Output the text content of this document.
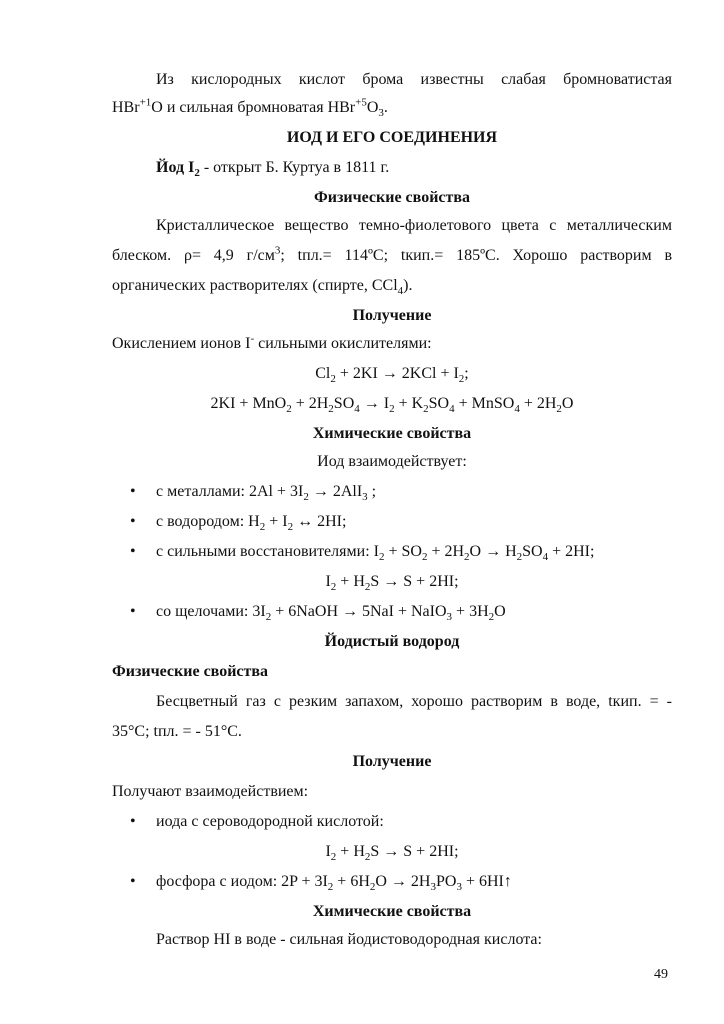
Из кислородных кислот брома известны слабая бромноватистая
HBr$^{+1}$O и сильная бромноватая $HBr^{+5}O_3$.
ИОД И ЕГО СОЕДИНЕНИЯ
Йод $I_2$ - открыт Б. Куртуа в 1811 г.
Физические свойства
Кристаллическое вещество темно-фиолетового цвета с металлическим
блеском. ρ= 4,9 $г/см^3$; tпл.= 114ºС; tкип.= 185ºС. Хорошо растворим в
органических растворителях (спирте, CCl$_4$).
Получение
Окислением ионов I- сильными окислителями:
$Cl_2 + 2KI \to 2KCl + I_2$;
$2KI + MnO_2 + 2H_2SO_4 \to I_2 + K_2SO_4$ + MnSO$_4$ + $2H_2O$
Химические свойства
Иод взаимодействует:
• с металлами: $2Al + 3I_2 \to 2AlI_3$ ;
• с водородом: $H_2 + I_2$ ↔ 2HI;
• с сильными восстановителями: $I_2 + SO_2 + 2H_2O \to H_2SO_4 + 2HI$;
$I_2 + H_2S \to S + 2HI$;
• со щелочами: $3I_2$ + 6NaOH → 5NaI + NaIO$_3$ + $3H_2O$
Йодистый водород
Физические свойства
Бесцветный газ с резким запахом, хорошо растворим в воде, tкип. = -
35°С; tпл. = - 51°С.
Получение
Получают взаимодействием:
• иода с сероводородной кислотой:
$I_2 + H_2S \to S + 2HI$;
• фосфора с иодом: $2P + 3I_2 + 6H_2O \to 2H_3PO_3$ + 6HI↑
Химические свойства
Раствор HI в воде - сильная йодистоводородная кислота:
49
